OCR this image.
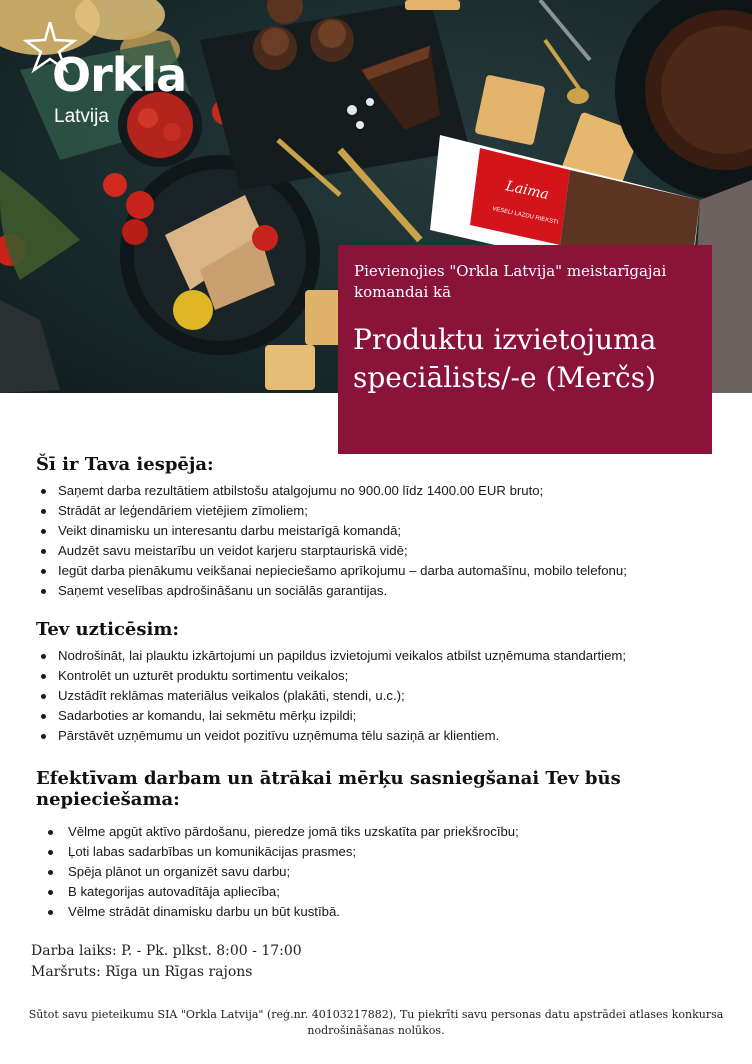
Laima
VESELI LAZDU RIEKSTI
Orkla
Latvija
Pievienojies "Orkla Latvija" meistarīgajai komandai kā
Produktu izvietojuma speciālists/-e (Merčs)
Šī ir Tava iespēja:
Saņemt darba rezultātiem atbilstošu atalgojumu no 900.00 līdz 1400.00 EUR bruto;
Strādāt ar leģendāriem vietējiem zīmoliem;
Veikt dinamisku un interesantu darbu meistarīgā komandā;
Audzēt savu meistarību un veidot karjeru starptauriskā vidē;
Iegūt darba pienākumu veikšanai nepieciešamo aprīkojumu – darba automašīnu, mobilo telefonu;
Saņemt veselības apdrošināšanu un sociālās garantijas.
Tev uzticēsim:
Nodrošināt, lai plauktu izkārtojumi un papildus izvietojumi veikalos atbilst uzņēmuma standartiem;
Kontrolēt un uzturēt produktu sortimentu veikalos;
Uzstādīt reklāmas materiālus veikalos (plakāti, stendi, u.c.);
Sadarboties ar komandu, lai sekmētu mērķu izpildi;
Pārstāvēt uzņēmumu un veidot pozitīvu uzņēmuma tēlu saziņā ar klientiem.
Efektīvam darbam un ātrākai mērķu sasniegšanai Tev būs nepieciešama:
Vēlme apgūt aktīvo pārdošanu, pieredze jomā tiks uzskatīta par priekšrocību;
Ļoti labas sadarbības un komunikācijas prasmes;
Spēja plānot un organizēt savu darbu;
B kategorijas autovadītāja apliecība;
Vēlme strādāt dinamisku darbu un būt kustībā.
Darba laiks: P. - Pk. plkst. 8:00 - 17:00
Maršruts: Rīga un Rīgas rajons
Sūtot savu pieteikumu SIA "Orkla Latvija" (reģ.nr. 40103217882), Tu piekrīti savu personas datu apstrādei atlases konkursa nodrošināšanas nolūkos.
